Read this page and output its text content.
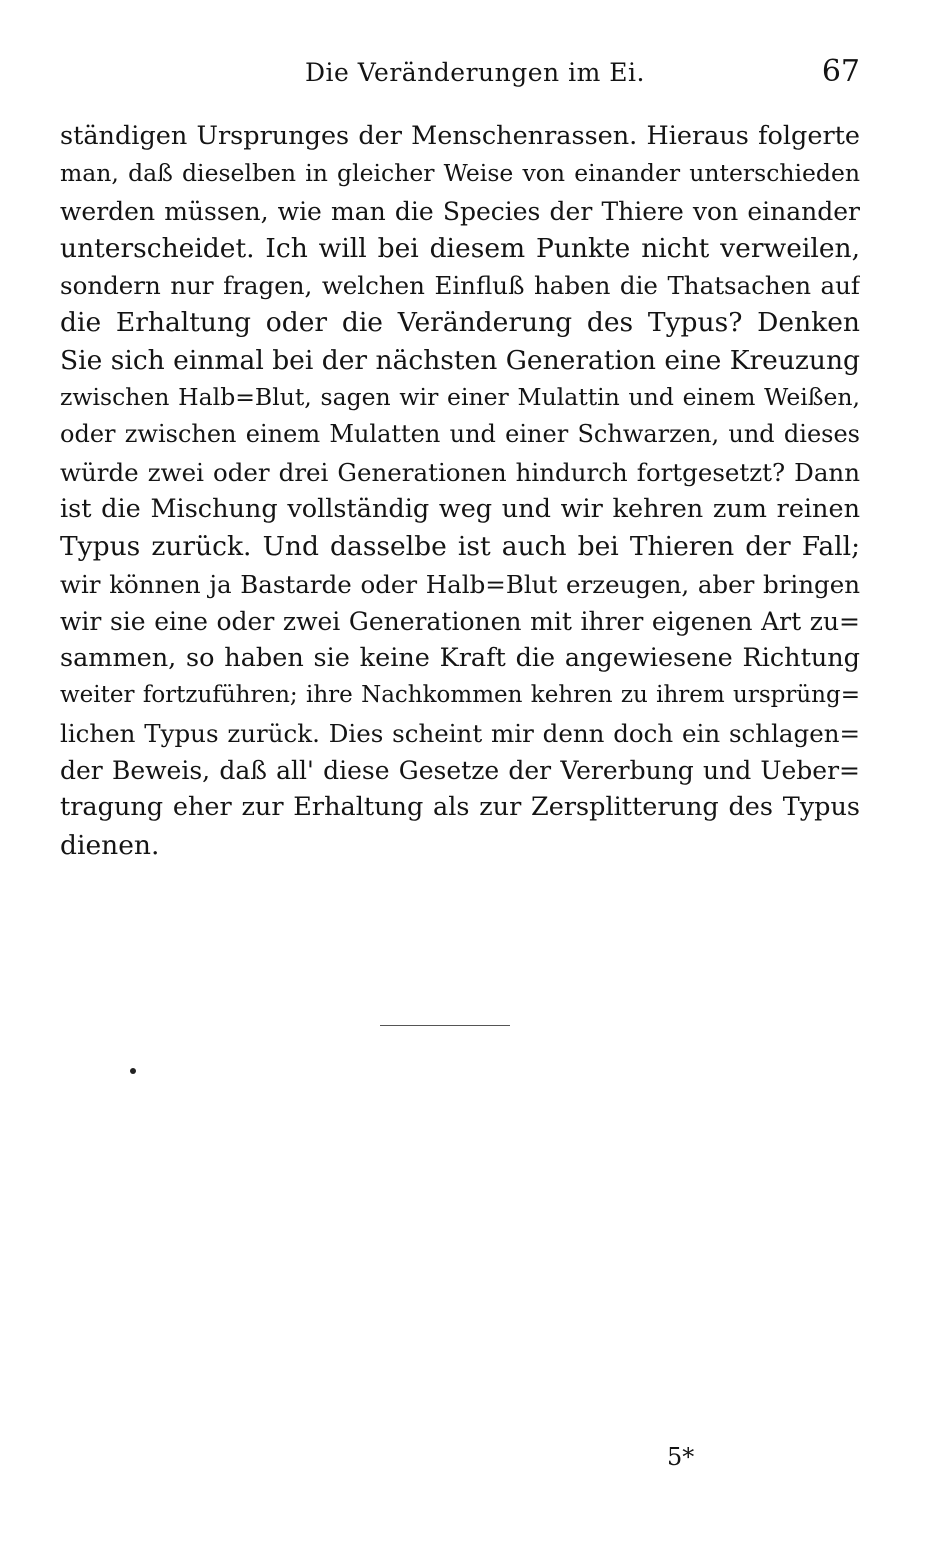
Die Veränderungen im Ei.	67
ständigen Ursprunges der Menschenrassen. Hieraus folgerte
man, daß dieselben in gleicher Weise von einander unterschieden
werden müssen, wie man die Species der Thiere von einander
unterscheidet. Ich will bei diesem Punkte nicht verweilen,
sondern nur fragen, welchen Einfluß haben die Thatsachen auf
die Erhaltung oder die Veränderung des Typus? Denken
Sie sich einmal bei der nächsten Generation eine Kreuzung
zwischen Halb=Blut, sagen wir einer Mulattin und einem Weißen,
oder zwischen einem Mulatten und einer Schwarzen, und dieses
würde zwei oder drei Generationen hindurch fortgesetzt? Dann
ist die Mischung vollständig weg und wir kehren zum reinen
Typus zurück. Und dasselbe ist auch bei Thieren der Fall;
wir können ja Bastarde oder Halb=Blut erzeugen, aber bringen
wir sie eine oder zwei Generationen mit ihrer eigenen Art zu=
sammen, so haben sie keine Kraft die angewiesene Richtung
weiter fortzuführen; ihre Nachkommen kehren zu ihrem ursprüng=
lichen Typus zurück. Dies scheint mir denn doch ein schlagen=
der Beweis, daß all' diese Gesetze der Vererbung und Ueber=
tragung eher zur Erhaltung als zur Zersplitterung des Typus
dienen.
5*
